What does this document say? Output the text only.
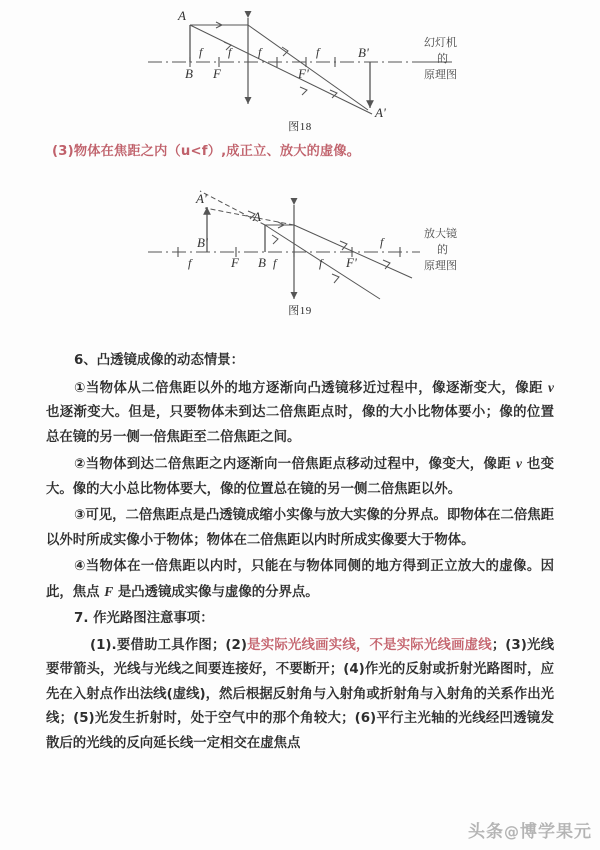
A
B F	F'
B'
A'
f f f	f
幻灯机
的
原理图
图18
(3)物体在焦距之内（u<f）,成正立、放大的虚像。
A'
B'
A
B
F	F'
f	f	f
f
放大镜
的
原理图
图19

6、凸透镜成像的动态情景：

①当物体从二倍焦距以外的地方逐渐向凸透镜移近过程中，像逐渐变大，像距 v 也逐渐变大。但是，只要物体未到达二倍焦距点时，像的大小比物体要小；像的位置总在镜的另一侧一倍焦距至二倍焦距之间。

②当物体到达二倍焦距之内逐渐向一倍焦距点移动过程中，像变大，像距 v 也变大。像的大小总比物体要大，像的位置总在镜的另一侧二倍焦距以外。

③可见，二倍焦距点是凸透镜成缩小实像与放大实像的分界点。即物体在二倍焦距以外时所成实像小于物体；物体在二倍焦距以内时所成实像要大于物体。

④当物体在一倍焦距以内时，只能在与物体同侧的地方得到正立放大的虚像。因此，焦点 F 是凸透镜成实像与虚像的分界点。

7. 作光路图注意事项：

(1).要借助工具作图；(2)是实际光线画实线，不是实际光线画虚线；(3)光线要带箭头，光线与光线之间要连接好，不要断开；(4)作光的反射或折射光路图时，应先在入射点作出法线(虚线)，然后根据反射角与入射角或折射角与入射角的关系作出光线；(5)光发生折射时，处于空气中的那个角较大；(6)平行主光轴的光线经凹透镜发散后的光线的反向延长线一定相交在虚焦点

头条@博学果元
